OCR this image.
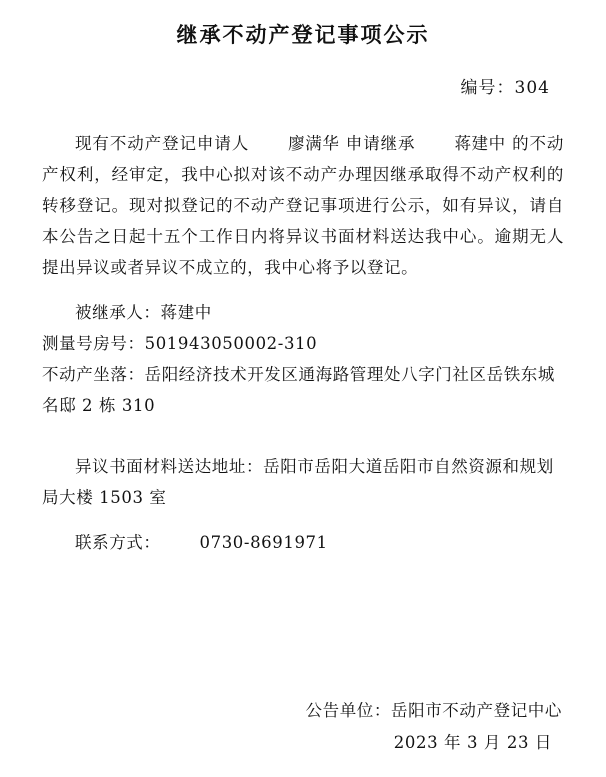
继承不动产登记事项公示
编号：304

现有不动产登记申请人 廖满华 申请继承 蒋建中 的不动产权利，经审定，我中心拟对该不动产办理因继承取得不动产权利的转移登记。现对拟登记的不动产登记事项进行公示，如有异议，请自本公告之日起十五个工作日内将异议书面材料送达我中心。逾期无人提出异议或者异议不成立的，我中心将予以登记。

被继承人：蒋建中

测量号房号：501943050002-310

不动产坐落：岳阳经济技术开发区通海路管理处八字门社区岳铁东城名邸 2 栋 310

异议书面材料送达地址：岳阳市岳阳大道岳阳市自然资源和规划局大楼 1503 室

联系方式： 0730-8691971

公告单位：岳阳市不动产登记中心

2023 年 3 月 23 日
